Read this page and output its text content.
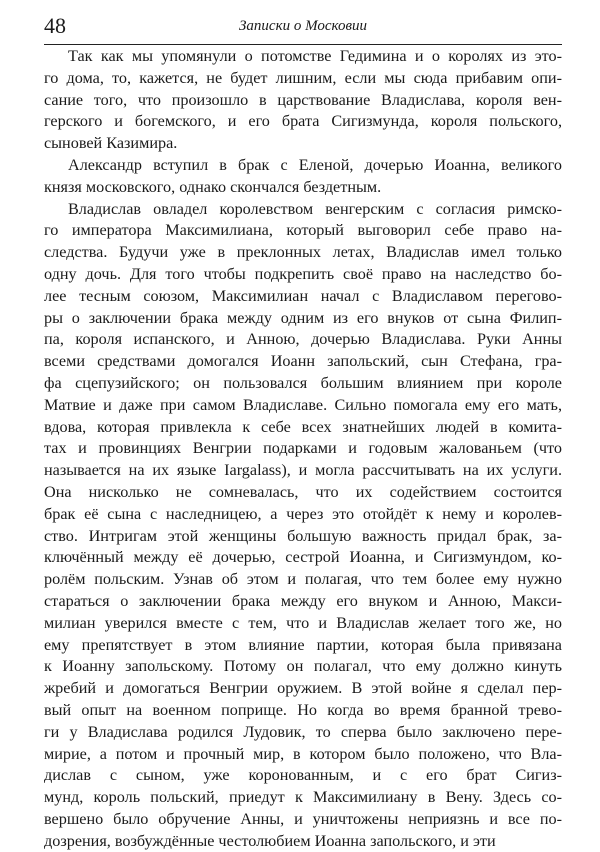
48	Записки о Московии

Так как мы упомянули о потомстве Гедимина и о королях из это-
го дома, то, кажется, не будет лишним, если мы сюда прибавим опи-
сание того, что произошло в царствование Владислава, короля вен-
герского и богемского, и его брата Сигизмунда, короля польского,
сыновей Казимира.

Александр вступил в брак с Еленой, дочерью Иоанна, великого
князя московского, однако скончался бездетным.

Владислав овладел королевством венгерским с согласия римско-
го императора Максимилиана, который выговорил себе право на-
следства. Будучи уже в преклонных летах, Владислав имел только
одну дочь. Для того чтобы подкрепить своё право на наследство бо-
лее тесным союзом, Максимилиан начал с Владиславом перегово-
ры о заключении брака между одним из его внуков от сына Филип-
па, короля испанского, и Анною, дочерью Владислава. Руки Анны
всеми средствами домогался Иоанн запольский, сын Стефана, гра-
фа сцепузийского; он пользовался большим влиянием при короле
Матвие и даже при самом Владиславе. Сильно помогала ему его мать,
вдова, которая привлекла к себе всех знатнейших людей в комита-
тах и провинциях Венгрии подарками и годовым жалованьем (что
называется на их языке Iargalass), и могла рассчитывать на их услуги.
Она нисколько не сомневалась, что их содействием состоится
брак её сына с наследницею, а через это отойдёт к нему и королев-
ство. Интригам этой женщины большую важность придал брак, за-
ключённый между её дочерью, сестрой Иоанна, и Сигизмундом, ко-
ролём польским. Узнав об этом и полагая, что тем более ему нужно
стараться о заключении брака между его внуком и Анною, Макси-
милиан уверился вместе с тем, что и Владислав желает того же, но
ему препятствует в этом влияние партии, которая была привязана
к Иоанну запольскому. Потому он полагал, что ему должно кинуть
жребий и домогаться Венгрии оружием. В этой войне я сделал пер-
вый опыт на военном поприще. Но когда во время бранной трево-
ги у Владислава родился Лудовик, то сперва было заключено пере-
мирие, а потом и прочный мир, в котором было положено, что Вла-
дислав с сыном, уже коронованным, и с его брат Сигиз-
мунд, король польский, приедут к Максимилиану в Вену. Здесь со-
вершено было обручение Анны, и уничтожены неприязнь и все по-
дозрения, возбуждённые честолюбием Иоанна запольского, и эти
